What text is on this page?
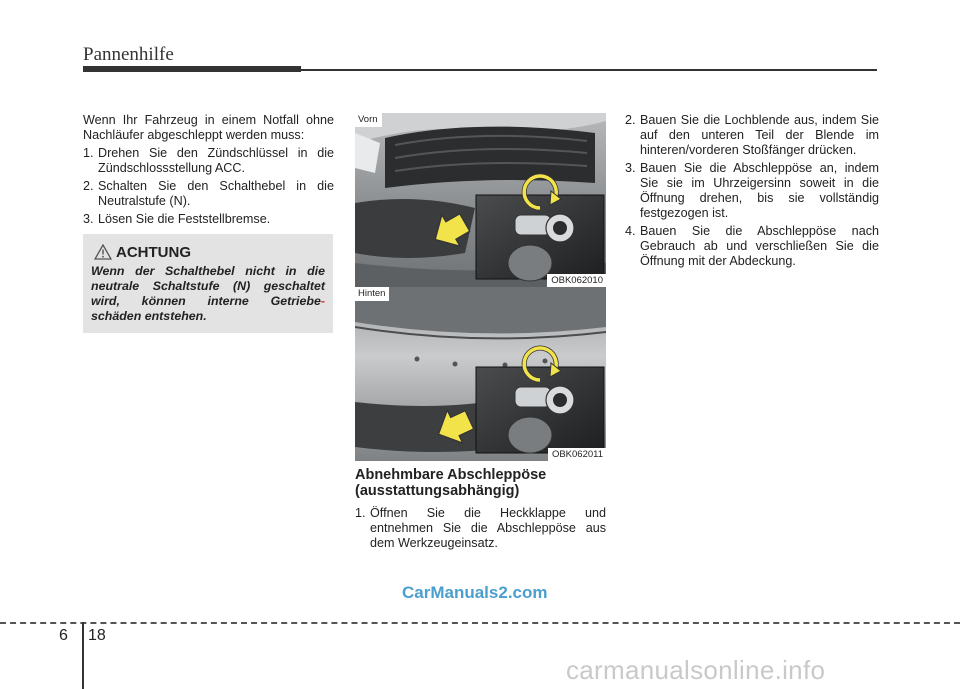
Pannenhilfe

Wenn Ihr Fahrzeug in einem Notfall ohne Nachläufer abgeschleppt werden muss:

1. Drehen Sie den Zündschlüssel in die Zündschlossstellung ACC.
2. Schalten Sie den Schalthebel in die Neutralstufe (N).
3. Lösen Sie die Feststellbremse.
ACHTUNG
Wenn der Schalthebel nicht in die
neutrale Schaltstufe (N) geschaltet
wird, können interne Getriebe-
schäden entstehen.
Vorn
OBK062010
Hinten
OBK062011
Abnehmbare Abschleppöse
(ausstattungsabhängig)
1. Öffnen Sie die Heckklappe und entnehmen Sie die Abschleppöse aus dem Werkzeugeinsatz.
2. Bauen Sie die Lochblende aus, indem Sie auf den unteren Teil der Blende im hinteren/vorderen Stoßfänger drücken.
3. Bauen Sie die Abschleppöse an, indem Sie sie im Uhrzeigersinn soweit in die Öffnung drehen, bis sie vollständig festgezogen ist.
4. Bauen Sie die Abschleppöse nach Gebrauch ab und verschließen Sie die Öffnung mit der Abdeckung.
CarManuals2.com
6 18
carmanualsonline.info
